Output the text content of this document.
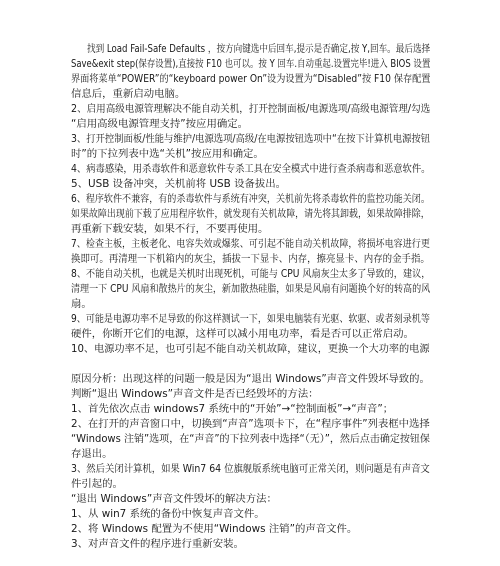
找到 Load Fail-Safe Defaults ，按方向键选中后回车,提示是否确定,按 Y,回车。最后选择

Save&exit step(保存设置),直接按 F10 也可以。按 Y 回车.自动重起.设置完毕!进入 BIOS 设置

界面将菜单“POWER”的“keyboard power On”设为设置为“Disabled”按 F10 保存配置

信息后，重新启动电脑。

2、启用高级电源管理解决不能自动关机，打开控制面板/电源选项/高级电源管理/勾选

“启用高级电源管理支持”按应用确定。

3、打开控制面板/性能与维护/电源选项/高级/在电源按钮选项中“在按下计算机电源按钮

时”的下拉列表中选“关机”按应用和确定。

4、病毒感染，用杀毒软件和恶意软件专杀工具在安全模式中进行查杀病毒和恶意软件。

5、USB 设备冲突，关机前将 USB 设备拔出。

6、程序软件不兼容，有的杀毒软件与系统有冲突，关机前先将杀毒软件的监控功能关闭。

如果故障出现前下载了应用程序软件，就发现有关机故障，请先将其卸载，如果故障排除，

再重新下载安装，如果不行，不要再使用。

7、检查主板，主板老化、电容失效或爆浆、可引起不能自动关机故障，将损坏电容进行更

换即可。再清理一下机箱内的灰尘，插拔一下显卡、内存，擦亮显卡、内存的金手指。

8、不能自动关机，也就是关机时出现死机，可能与 CPU 风扇灰尘太多了导致的，建议，

清理一下 CPU 风扇和散热片的灰尘，新加散热硅脂，如果是风扇有问题换个好的转高的风

扇。

9、可能是电源功率不足导致的你这样测试一下，如果电脑装有光驱、软驱、或者刻录机等

硬件，你断开它们的电源，这样可以减小用电功率，看是否可以正常启动。

10、电源功率不足，也可引起不能自动关机故障，建议，更换一个大功率的电源

原因分析：出现这样的问题一般是因为“退出 Windows”声音文件毁坏导致的。

判断“退出 Windows”声音文件是否已经毁坏的方法：

1、首先依次点击 windows7 系统中的“开始”→“控制面板”→“声音”；

2、在打开的声音窗口中，切换到“声音”选项卡下，在“程序事件”列表框中选择

“Windows 注销”选项，在“声音”的下拉列表中选择“（无）”，然后点击确定按钮保

存退出。

3、然后关闭计算机，如果 Win7 64 位旗舰版系统电脑可正常关闭，则问题是有声音文

件引起的。

“退出 Windows”声音文件毁坏的解决方法：

1、从 win7 系统的备份中恢复声音文件。

2、将 Windows 配置为不使用“Windows 注销”的声音文件。

3、对声音文件的程序进行重新安装。
